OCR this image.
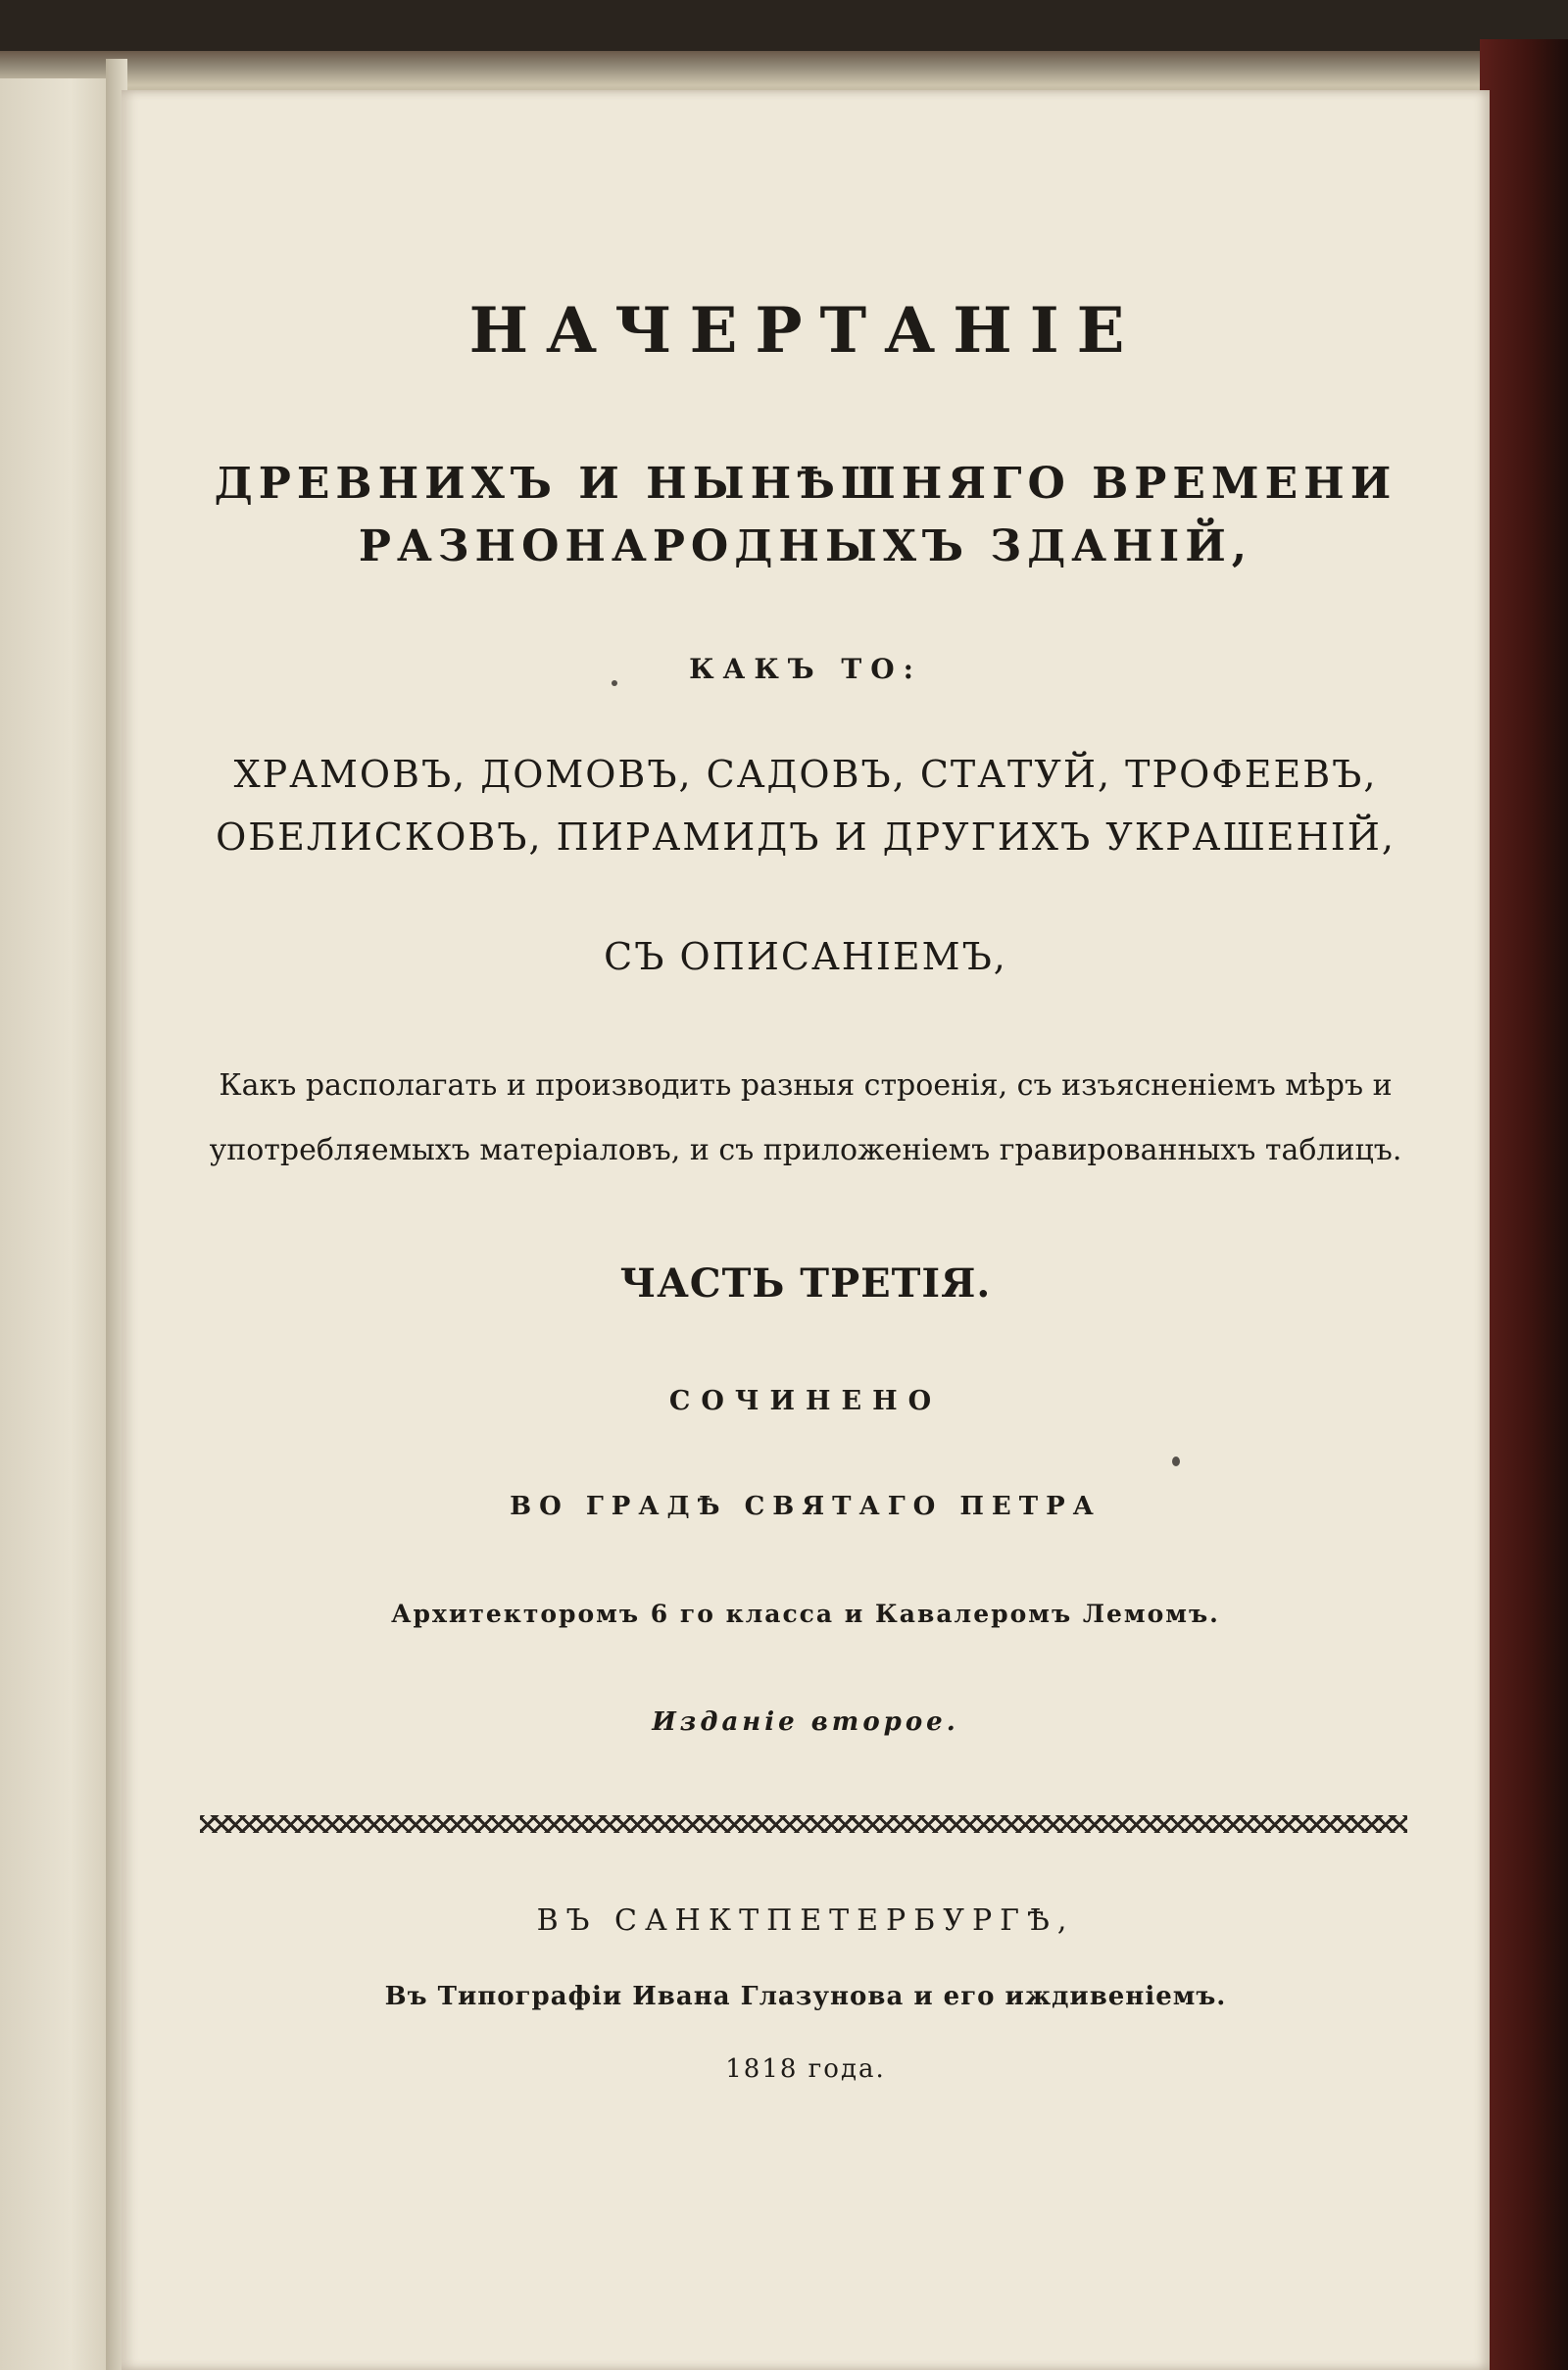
НАЧЕРТАНІЕ
ДРЕВНИХЪ И НЫНѢШНЯГО ВРЕМЕНИ
РАЗНОНАРОДНЫХЪ ЗДАНІЙ,
КАКЪ ТО:
ХРАМОВЪ, ДОМОВЪ, САДОВЪ, СТАТУЙ, ТРОФЕЕВЪ,
ОБЕЛИСКОВЪ, ПИРАМИДЪ И ДРУГИХЪ УКРАШЕНІЙ,
СЪ ОПИСАНІЕМЪ,
Какъ располагать и производить разныя строенія, съ изъясненіемъ мѣръ и
употребляемыхъ матеріаловъ, и съ приложеніемъ гравированныхъ таблицъ.
ЧАСТЬ ТРЕТІЯ.
СОЧИНЕНО
ВО ГРАДѢ СВЯТАГО ПЕТРА
Архитекторомъ 6 го класса и Кавалеромъ Лемомъ.
Изданіе второе.
ВЪ САНКТПЕТЕРБУРГѢ,
Въ Типографіи Ивана Глазунова и его иждивеніемъ.
1818 года.
